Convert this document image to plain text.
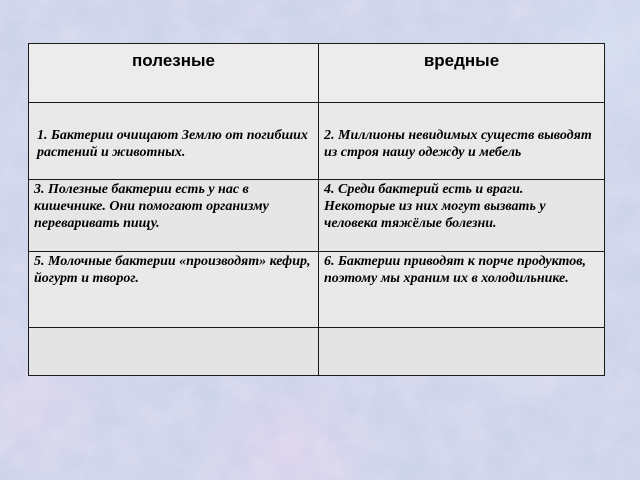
полезные	вредные
1. Бактерии очищают Землю от погибших растений и животных.	2. Миллионы невидимых существ выводят из строя нашу одежду и мебель
3. Полезные бактерии есть у нас в кишечнике. Они помогают организму переваривать пищу.	4. Среди бактерий есть и враги. Некоторые из них могут вызвать у человека тяжёлые болезни.
5. Молочные бактерии «производят» кефир, йогурт и творог.	6. Бактерии приводят к порче продуктов, поэтому мы храним их в холодильнике.
